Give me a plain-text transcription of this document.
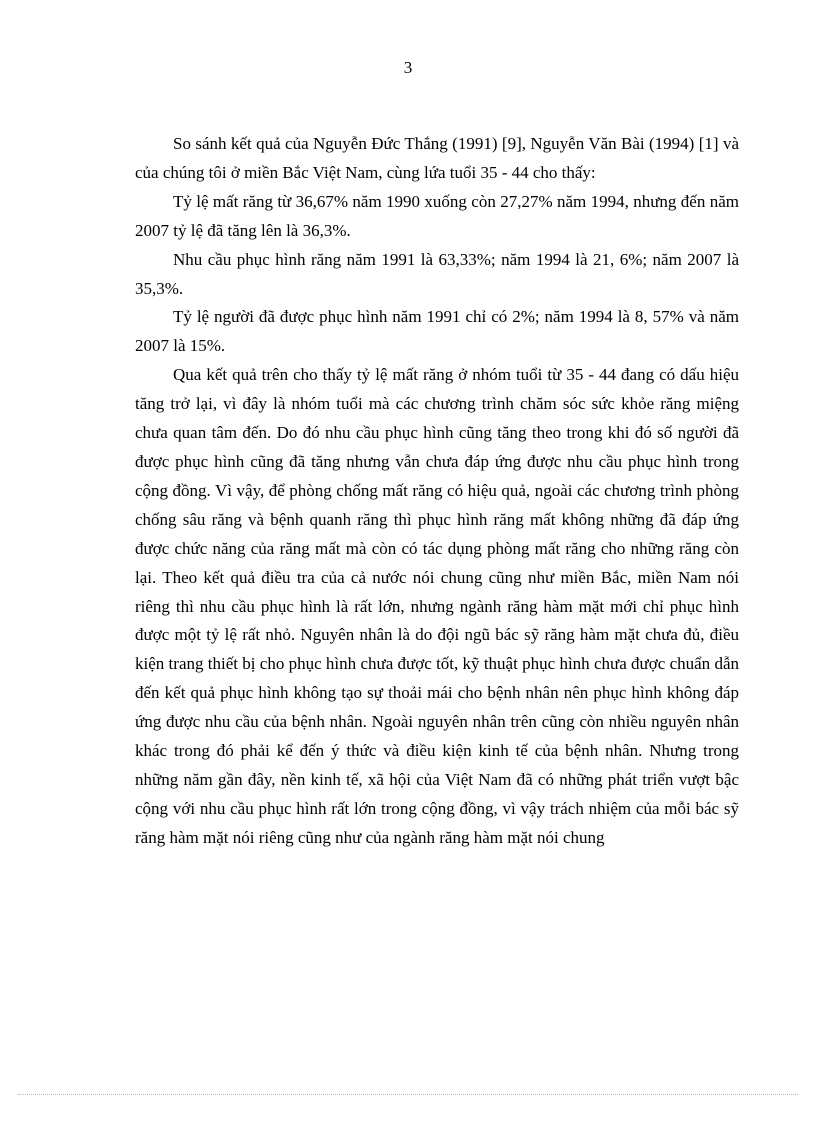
3

So sánh kết quả của Nguyễn Đức Thắng (1991) [9], Nguyễn Văn Bài (1994) [1] và của chúng tôi ở miền Bắc Việt Nam, cùng lứa tuổi 35 - 44 cho thấy:

Tỷ lệ mất răng từ 36,67% năm 1990 xuống còn 27,27% năm 1994, nhưng đến năm 2007 tỷ lệ đã tăng lên là 36,3%.

Nhu cầu phục hình răng năm 1991 là 63,33%; năm 1994 là 21, 6%; năm 2007 là 35,3%.

Tỷ lệ người đã được phục hình năm 1991 chỉ có 2%; năm 1994 là 8, 57% và năm 2007 là 15%.

Qua kết quả trên cho thấy tỷ lệ mất răng ở nhóm tuổi từ 35 - 44 đang có dấu hiệu tăng trở lại, vì đây là nhóm tuổi mà các chương trình chăm sóc sức khỏe răng miệng chưa quan tâm đến. Do đó nhu cầu phục hình cũng tăng theo trong khi đó số người đã được phục hình cũng đã tăng nhưng vẫn chưa đáp ứng được nhu cầu phục hình trong cộng đồng. Vì vậy, để phòng chống mất răng có hiệu quả, ngoài các chương trình phòng chống sâu răng và bệnh quanh răng thì phục hình răng mất không những đã đáp ứng được chức năng của răng mất mà còn có tác dụng phòng mất răng cho những răng còn lại. Theo kết quả điều tra của cả nước nói chung cũng như miền Bắc, miền Nam nói riêng thì nhu cầu phục hình là rất lớn, nhưng ngành răng hàm mặt mới chỉ phục hình được một tỷ lệ rất nhỏ. Nguyên nhân là do đội ngũ bác sỹ răng hàm mặt chưa đủ, điều kiện trang thiết bị cho phục hình chưa được tốt, kỹ thuật phục hình chưa được chuẩn dẫn đến kết quả phục hình không tạo sự thoải mái cho bệnh nhân nên phục hình không đáp ứng được nhu cầu của bệnh nhân. Ngoài nguyên nhân trên cũng còn nhiều nguyên nhân khác trong đó phải kể đến ý thức và điều kiện kinh tế của bệnh nhân. Nhưng trong những năm gần đây, nền kinh tế, xã hội của Việt Nam đã có những phát triển vượt bậc cộng với nhu cầu phục hình rất lớn trong cộng đồng, vì vậy trách nhiệm của mỗi bác sỹ răng hàm mặt nói riêng cũng như của ngành răng hàm mặt nói chung
